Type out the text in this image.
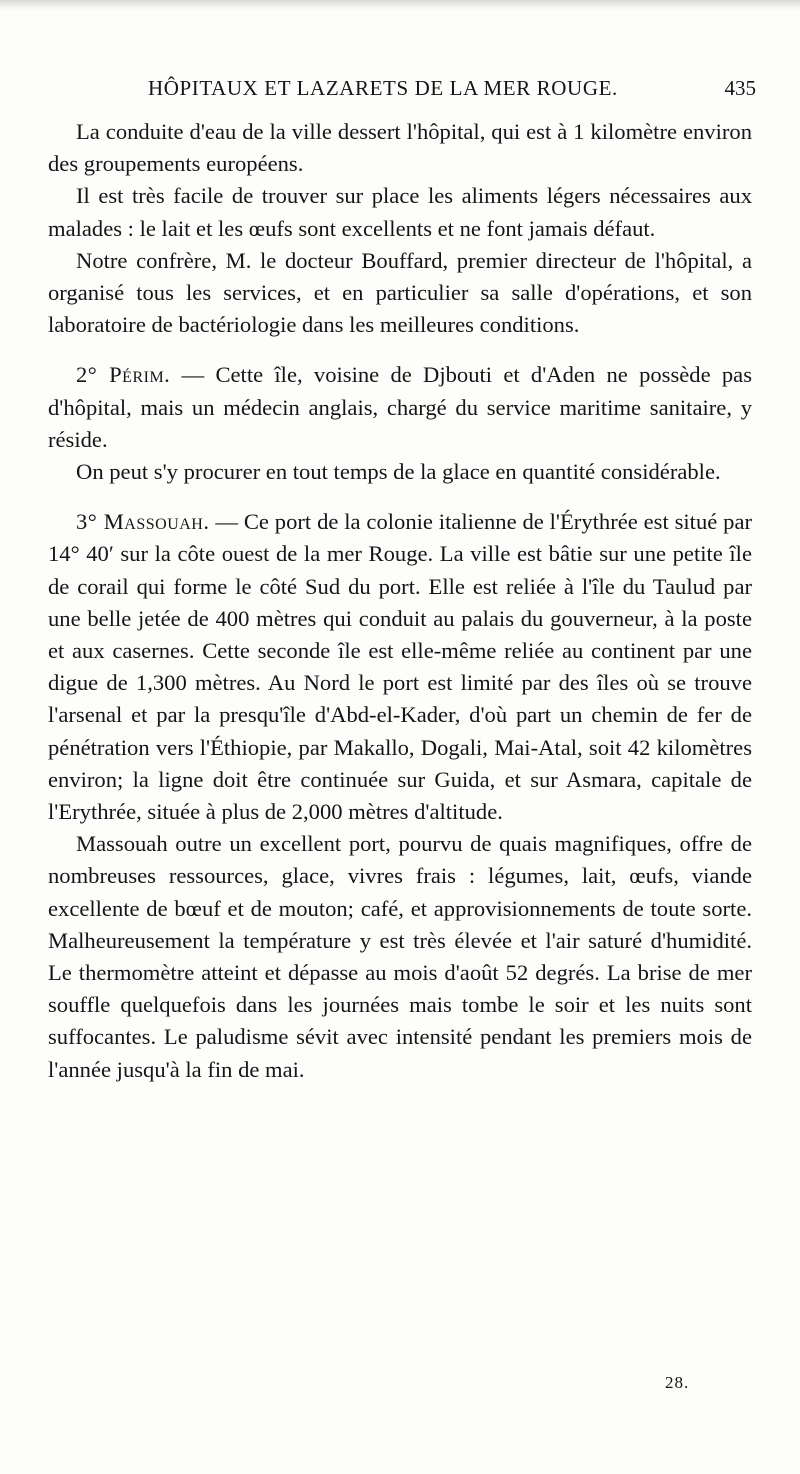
HÔPITAUX ET LAZARETS DE LA MER ROUGE.	435

La conduite d'eau de la ville dessert l'hôpital, qui est à 1 kilomètre environ des groupements européens.

Il est très facile de trouver sur place les aliments légers nécessaires aux malades : le lait et les œufs sont excellents et ne font jamais défaut.

Notre confrère, M. le docteur Bouffard, premier directeur de l'hôpital, a organisé tous les services, et en particulier sa salle d'opérations, et son laboratoire de bactériologie dans les meilleures conditions.

2° Périm. — Cette île, voisine de Djbouti et d'Aden ne possède pas d'hôpital, mais un médecin anglais, chargé du service maritime sanitaire, y réside.

On peut s'y procurer en tout temps de la glace en quantité considérable.

3° Massouah. — Ce port de la colonie italienne de l'Érythrée est situé par 14° 40′ sur la côte ouest de la mer Rouge. La ville est bâtie sur une petite île de corail qui forme le côté Sud du port. Elle est reliée à l'île du Taulud par une belle jetée de 400 mètres qui conduit au palais du gouverneur, à la poste et aux casernes. Cette seconde île est elle-même reliée au continent par une digue de 1,300 mètres. Au Nord le port est limité par des îles où se trouve l'arsenal et par la presqu'île d'Abd-el-Kader, d'où part un chemin de fer de pénétration vers l'Éthiopie, par Makallo, Dogali, Mai-Atal, soit 42 kilomètres environ; la ligne doit être continuée sur Guida, et sur Asmara, capitale de l'Erythrée, située à plus de 2,000 mètres d'altitude.

Massouah outre un excellent port, pourvu de quais magnifiques, offre de nombreuses ressources, glace, vivres frais : légumes, lait, œufs, viande excellente de bœuf et de mouton; café, et approvisionnements de toute sorte. Malheureusement la température y est très élevée et l'air saturé d'humidité. Le thermomètre atteint et dépasse au mois d'août 52 degrés. La brise de mer souffle quelquefois dans les journées mais tombe le soir et les nuits sont suffocantes. Le paludisme sévit avec intensité pendant les premiers mois de l'année jusqu'à la fin de mai.

28.
